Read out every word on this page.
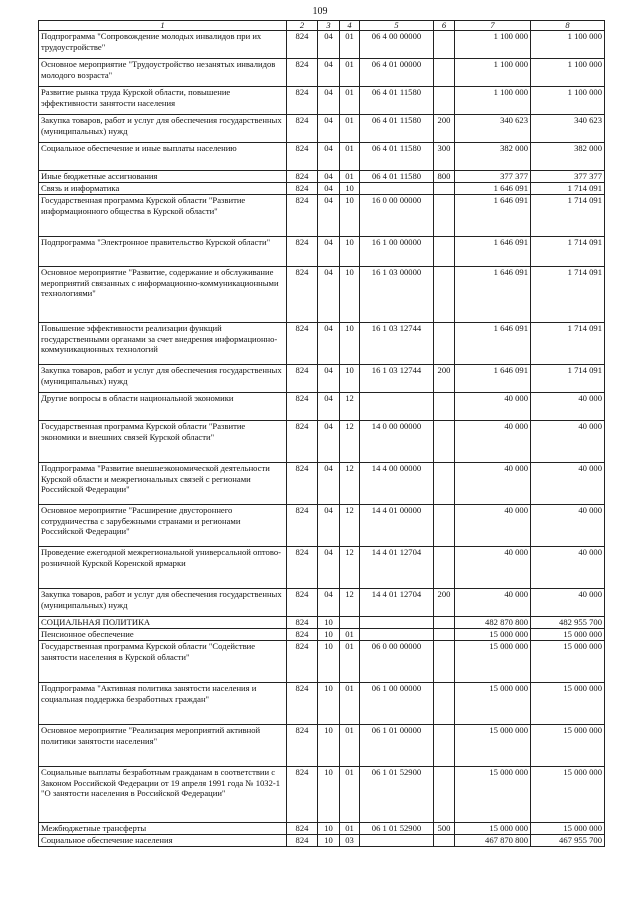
109
1	2	3	4	5	6	7	8
Подпрограмма "Сопровождение молодых инвалидов при их трудоустройстве"	824	04	01	06 4 00 00000		1 100 000	1 100 000
Основное мероприятие "Трудоустройство незанятых инвалидов молодого возраста"	824	04	01	06 4 01 00000		1 100 000	1 100 000
Развитие рынка труда Курской области, повышение эффективности занятости населения	824	04	01	06 4 01 11580		1 100 000	1 100 000
Закупка товаров, работ и услуг для обеспечения государственных (муниципальных) нужд	824	04	01	06 4 01 11580	200	340 623	340 623
Социальное обеспечение и иные выплаты населению	824	04	01	06 4 01 11580	300	382 000	382 000
Иные бюджетные ассигнования	824	04	01	06 4 01 11580	800	377 377	377 377
Связь и информатика	824	04	10			1 646 091	1 714 091
Государственная программа Курской области "Развитие информационного общества в Курской области"	824	04	10	16 0 00 00000		1 646 091	1 714 091
Подпрограмма "Электронное правительство Курской области"	824	04	10	16 1 00 00000		1 646 091	1 714 091
Основное мероприятие "Развитие, содержание и обслуживание мероприятий связанных с информационно-коммуникационными технологиями"	824	04	10	16 1 03 00000		1 646 091	1 714 091
Повышение эффективности реализации функций государственными органами за счет внедрения информационно-коммуникационных технологий	824	04	10	16 1 03 12744		1 646 091	1 714 091
Закупка товаров, работ и услуг для обеспечения государственных (муниципальных) нужд	824	04	10	16 1 03 12744	200	1 646 091	1 714 091
Другие вопросы в области национальной экономики	824	04	12			40 000	40 000
Государственная программа Курской области "Развитие экономики и внешних связей Курской области"	824	04	12	14 0 00 00000		40 000	40 000
Подпрограмма "Развитие внешнеэкономической деятельности Курской области и межрегиональных связей с регионами Российской Федерации"	824	04	12	14 4 00 00000		40 000	40 000
Основное мероприятие "Расширение двустороннего сотрудничества с зарубежными странами и регионами Российской Федерации"	824	04	12	14 4 01 00000		40 000	40 000
Проведение ежегодной межрегиональной универсальной оптово-розничной Курской Коренской ярмарки	824	04	12	14 4 01 12704		40 000	40 000
Закупка товаров, работ и услуг для обеспечения государственных (муниципальных) нужд	824	04	12	14 4 01 12704	200	40 000	40 000
СОЦИАЛЬНАЯ ПОЛИТИКА	824	10				482 870 800	482 955 700
Пенсионное обеспечение	824	10	01			15 000 000	15 000 000
Государственная программа Курской области "Содействие занятости населения в Курской области"	824	10	01	06 0 00 00000		15 000 000	15 000 000
Подпрограмма "Активная политика занятости населения и социальная поддержка безработных граждан"	824	10	01	06 1 00 00000		15 000 000	15 000 000
Основное мероприятие "Реализация мероприятий активной политики занятости населения"	824	10	01	06 1 01 00000		15 000 000	15 000 000
Социальные выплаты безработным гражданам в соответствии с Законом Российской Федерации от 19 апреля 1991 года № 1032-1 "О занятости населения в Российской Федерации"	824	10	01	06 1 01 52900		15 000 000	15 000 000
Межбюджетные трансферты	824	10	01	06 1 01 52900	500	15 000 000	15 000 000
Социальное обеспечение населения	824	10	03			467 870 800	467 955 700
